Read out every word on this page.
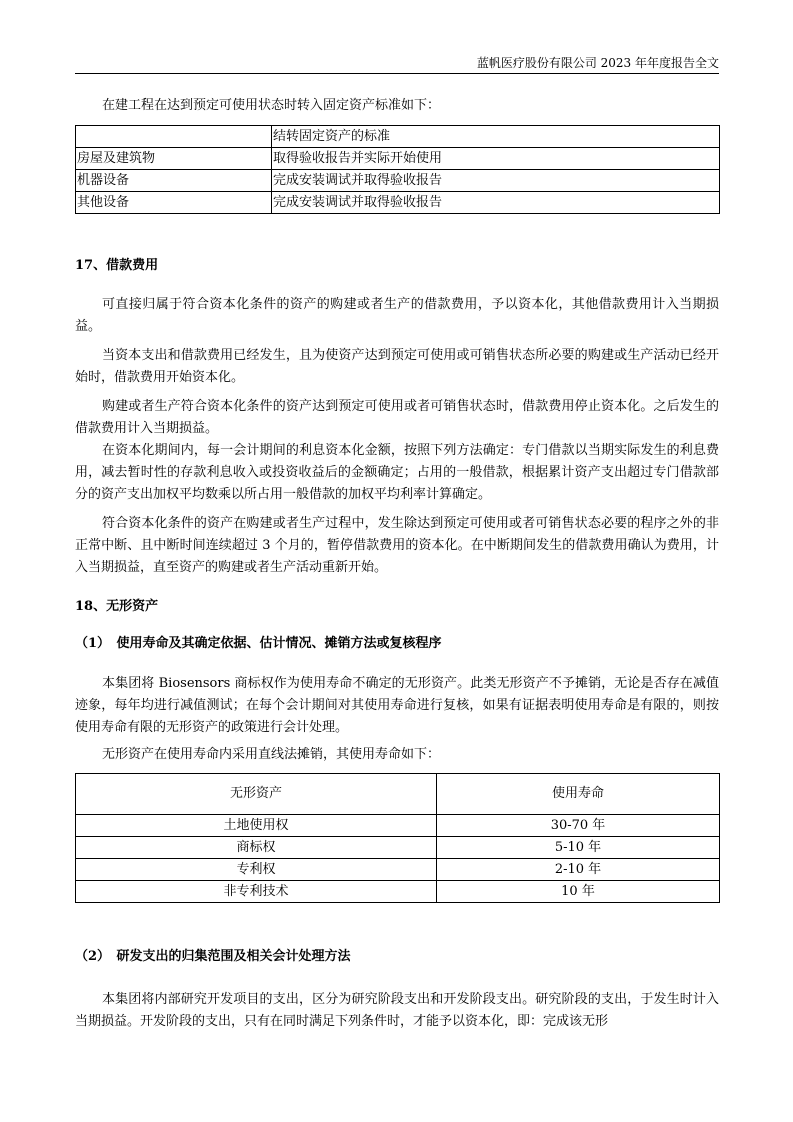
蓝帆医疗股份有限公司 2023 年年度报告全文

在建工程在达到预定可使用状态时转入固定资产标准如下：

	结转固定资产的标准
房屋及建筑物	取得验收报告并实际开始使用
机器设备	完成安装调试并取得验收报告
其他设备	完成安装调试并取得验收报告
17、借款费用

可直接归属于符合资本化条件的资产的购建或者生产的借款费用，予以资本化，其他借款费用计入当期损益。

当资本支出和借款费用已经发生，且为使资产达到预定可使用或可销售状态所必要的购建或生产活动已经开始时，借款费用开始资本化。

购建或者生产符合资本化条件的资产达到预定可使用或者可销售状态时，借款费用停止资本化。之后发生的借款费用计入当期损益。

在资本化期间内，每一会计期间的利息资本化金额，按照下列方法确定：专门借款以当期实际发生的利息费用，减去暂时性的存款利息收入或投资收益后的金额确定；占用的一般借款，根据累计资产支出超过专门借款部分的资产支出加权平均数乘以所占用一般借款的加权平均利率计算确定。

符合资本化条件的资产在购建或者生产过程中，发生除达到预定可使用或者可销售状态必要的程序之外的非正常中断、且中断时间连续超过 3 个月的，暂停借款费用的资本化。在中断期间发生的借款费用确认为费用，计入当期损益，直至资产的购建或者生产活动重新开始。

18、无形资产
（1）　使用寿命及其确定依据、估计情况、摊销方法或复核程序

本集团将 Biosensors 商标权作为使用寿命不确定的无形资产。此类无形资产不予摊销，无论是否存在减值迹象，每年均进行减值测试；在每个会计期间对其使用寿命进行复核，如果有证据表明使用寿命是有限的，则按使用寿命有限的无形资产的政策进行会计处理。

无形资产在使用寿命内采用直线法摊销，其使用寿命如下：

无形资产	使用寿命
土地使用权	30-70 年
商标权	5-10 年
专利权	2-10 年
非专利技术	10 年
（2）　研发支出的归集范围及相关会计处理方法

本集团将内部研究开发项目的支出，区分为研究阶段支出和开发阶段支出。研究阶段的支出，于发生时计入当期损益。开发阶段的支出，只有在同时满足下列条件时，才能予以资本化，即：完成该无形
